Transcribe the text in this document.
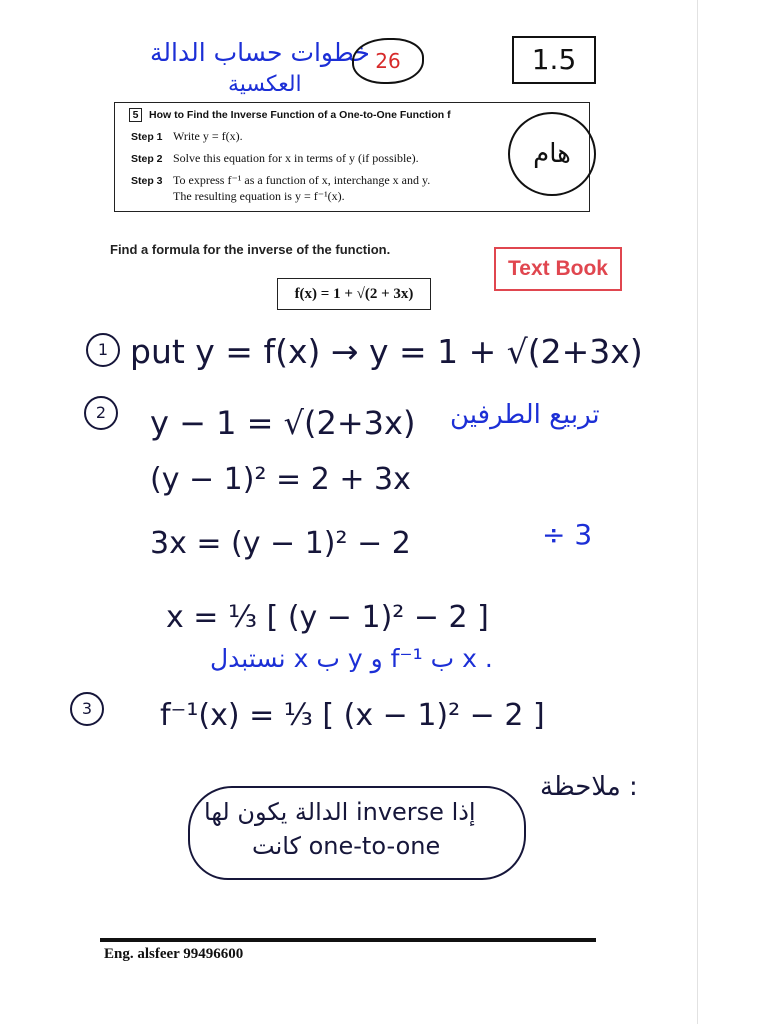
خطوات حساب الدالة
العكسية
26	1.5
5 How to Find the Inverse Function of a One-to-One Function f
Step 1 Write y = f(x).
Step 2 Solve this equation for x in terms of y (if possible).
Step 3 To express f⁻¹ as a function of x, interchange x and y.
The resulting equation is y = f⁻¹(x).
هام
Find a formula for the inverse of the function.
Text Book
f(x) = 1 + √(2 + 3x)
1
2
3
put y = f(x) → y = 1 + √(2+3x)
y − 1 = √(2+3x) تربيع الطرفين
(y − 1)² = 2 + 3x
3x = (y − 1)² − 2	÷ 3
x = ⅓ [ (y − 1)² − 2 ]
نستبدل x ب y و f⁻¹ ب x .
f⁻¹(x) = ⅓ [ (x − 1)² − 2 ]
ملاحظة :
الدالة يكون لها inverse إذا
كانت one-to-one
Eng. alsfeer 99496600
